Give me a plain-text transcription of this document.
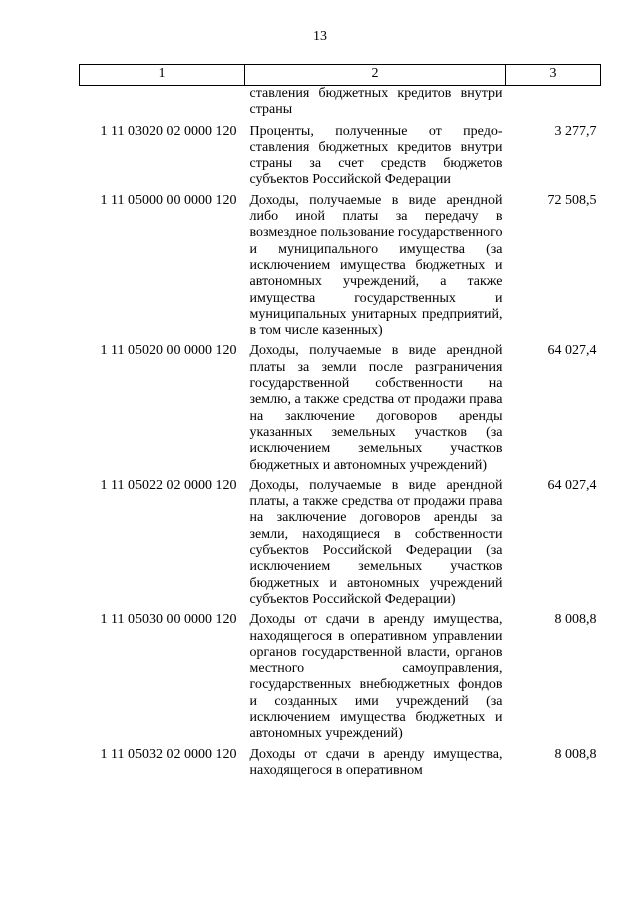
13
1	2	3
	ставления бюджетных кредитов внутри страны	
1 11 03020 02 0000 120	Проценты, полученные от предоставления бюджетных кредитов внутри страны за счет средств бюджетов субъектов Российской Федерации	3 277,7
1 11 05000 00 0000 120	Доходы, получаемые в виде арендной либо иной платы за передачу в возмездное пользование государственного и муниципального имущества (за исключением имущества бюджетных и автономных учреждений, а также имущества государственных и муниципальных унитарных предприятий, в том числе казенных)	72 508,5
1 11 05020 00 0000 120	Доходы, получаемые в виде арендной платы за земли после разграничения государственной собственности на землю, а также средства от продажи права на заключение договоров аренды указанных земельных участков (за исключением земельных участков бюджетных и автономных учреждений)	64 027,4
1 11 05022 02 0000 120	Доходы, получаемые в виде арендной платы, а также средства от продажи права на заключение договоров аренды за земли, находящиеся в собственности субъектов Российской Федерации (за исключением земельных участков бюджетных и автономных учреждений субъектов Российской Федерации)	64 027,4
1 11 05030 00 0000 120	Доходы от сдачи в аренду имущества, находящегося в оперативном управлении органов государственной власти, органов местного самоуправления, государственных внебюджетных фондов и созданных ими учреждений (за исключением имущества бюджетных и автономных учреждений)	8 008,8
1 11 05032 02 0000 120	Доходы от сдачи в аренду имущества, находящегося в оперативном	8 008,8
